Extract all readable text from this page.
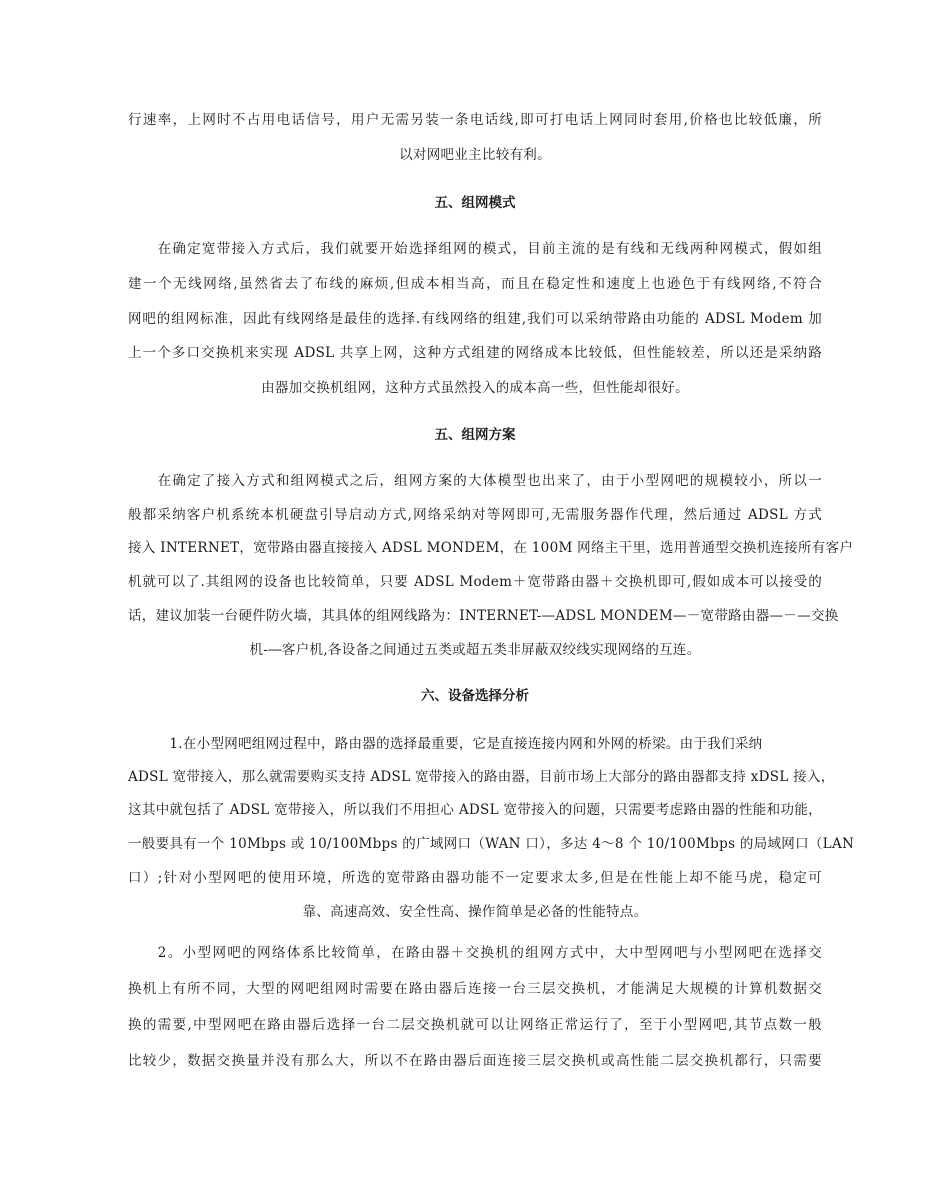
行速率，上网时不占用电话信号，用户无需另装一条电话线,即可打电话上网同时套用,价格也比较低廉，所
以对网吧业主比较有利。
五、组网模式
　　在确定宽带接入方式后，我们就要开始选择组网的模式，目前主流的是有线和无线两种网模式，假如组
建一个无线网络,虽然省去了布线的麻烦,但成本相当高，而且在稳定性和速度上也逊色于有线网络,不符合
网吧的组网标准，因此有线网络是最佳的选择.有线网络的组建,我们可以采纳带路由功能的 ADSL Modem 加
上一个多口交换机来实现 ADSL 共享上网，这种方式组建的网络成本比较低，但性能较差，所以还是采纳路
由器加交换机组网，这种方式虽然投入的成本高一些，但性能却很好。
五、组网方案
　　在确定了接入方式和组网模式之后，组网方案的大体模型也出来了，由于小型网吧的规模较小，所以一
般都采纳客户机系统本机硬盘引导启动方式,网络采纳对等网即可,无需服务器作代理，然后通过 ADSL 方式
接入 INTERNET，宽带路由器直接接入 ADSL MONDEM，在 100M 网络主干里，选用普通型交换机连接所有客户
机就可以了.其组网的设备也比较简单，只要 ADSL Modem＋宽带路由器＋交换机即可,假如成本可以接受的
话，建议加装一台硬件防火墙，其具体的组网线路为：INTERNET-—ADSL MONDEM—－宽带路由器—－—交换
机-―客户机,各设备之间通过五类或超五类非屏蔽双绞线实现网络的互连。
六、设备选择分析
　　　1.在小型网吧组网过程中，路由器的选择最重要，它是直接连接内网和外网的桥梁。由于我们采纳
ADSL 宽带接入，那么就需要购买支持 ADSL 宽带接入的路由器，目前市场上大部分的路由器都支持 xDSL 接入，
这其中就包括了 ADSL 宽带接入，所以我们不用担心 ADSL 宽带接入的问题，只需要考虑路由器的性能和功能，
一般要具有一个 10Mbps 或 10/100Mbps 的广域网口（WAN 口），多达 4～8 个 10/100Mbps 的局域网口（LAN
口）;针对小型网吧的使用环境，所选的宽带路由器功能不一定要求太多,但是在性能上却不能马虎，稳定可
靠、高速高效、安全性高、操作简单是必备的性能特点。
　　2。小型网吧的网络体系比较简单，在路由器＋交换机的组网方式中，大中型网吧与小型网吧在选择交
换机上有所不同，大型的网吧组网时需要在路由器后连接一台三层交换机，才能满足大规模的计算机数据交
换的需要,中型网吧在路由器后选择一台二层交换机就可以让网络正常运行了，至于小型网吧,其节点数一般
比较少，数据交换量并没有那么大，所以不在路由器后面连接三层交换机或高性能二层交换机都行，只需要
